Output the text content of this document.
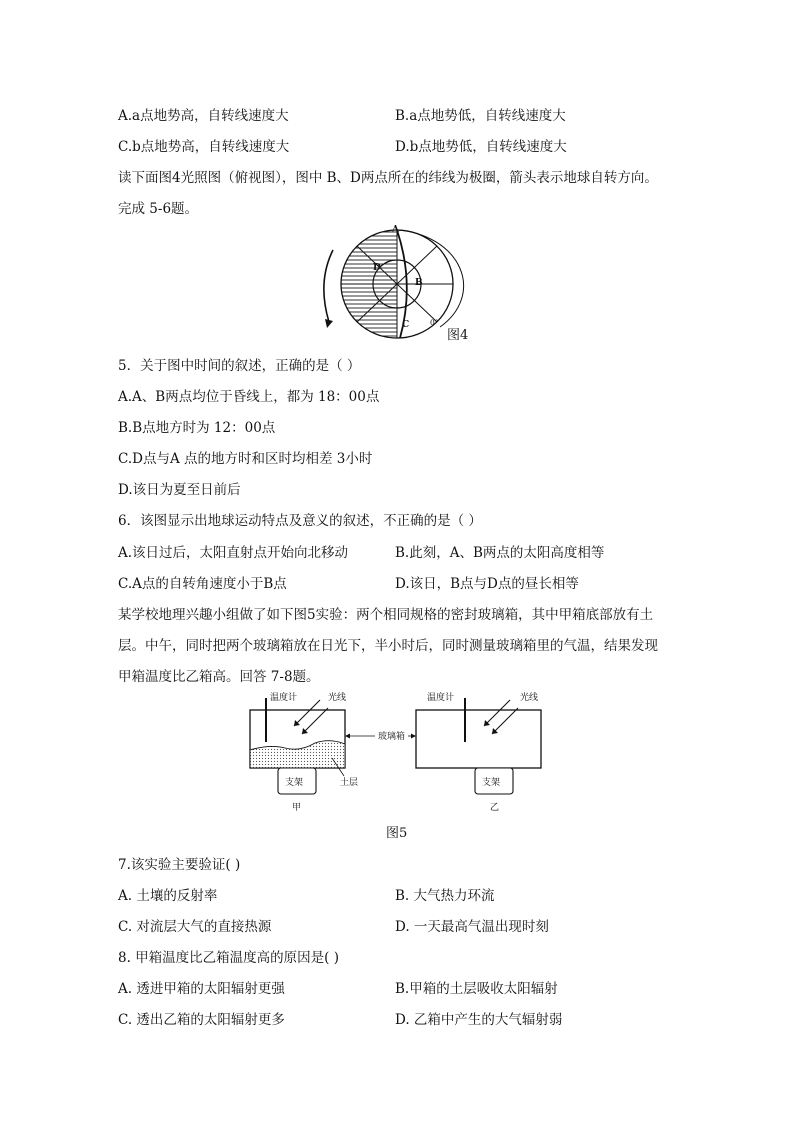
A.a点地势高，自转线速度大	B.a点地势低，自转线速度大
C.b点地势高，自转线速度大	D.b点地势低，自转线速度大
读下面图4光照图（俯视图），图中 B、D两点所在的纬线为极圈，箭头表示地球自转方向。
完成 5-6题。
A
D
B
C	0°
图4
5．关于图中时间的叙述，正确的是（ ）
A.A、B两点均位于昏线上，都为 18：00点
B.B点地方时为 12：00点
C.D点与A 点的地方时和区时均相差 3小时
D.该日为夏至日前后
6．该图显示出地球运动特点及意义的叙述，不正确的是（ ）
A.该日过后，太阳直射点开始向北移动	B.此刻，A、B两点的太阳高度相等
C.A点的自转角速度小于B点	D.该日，B点与D点的昼长相等
某学校地理兴趣小组做了如下图5实验：两个相同规格的密封玻璃箱，其中甲箱底部放有土
层。中午，同时把两个玻璃箱放在日光下，半小时后，同时测量玻璃箱里的气温，结果发现
甲箱温度比乙箱高。回答 7-8题。
支架
温度计	光线
土层
甲
玻璃箱
支架
温度计	光线
乙
图5
7.该实验主要验证( )
A. 土壤的反射率	B. 大气热力环流
C. 对流层大气的直接热源	D. 一天最高气温出现时刻
8. 甲箱温度比乙箱温度高的原因是( )
A. 透进甲箱的太阳辐射更强	B.甲箱的土层吸收太阳辐射
C. 透出乙箱的太阳辐射更多	D. 乙箱中产生的大气辐射弱
